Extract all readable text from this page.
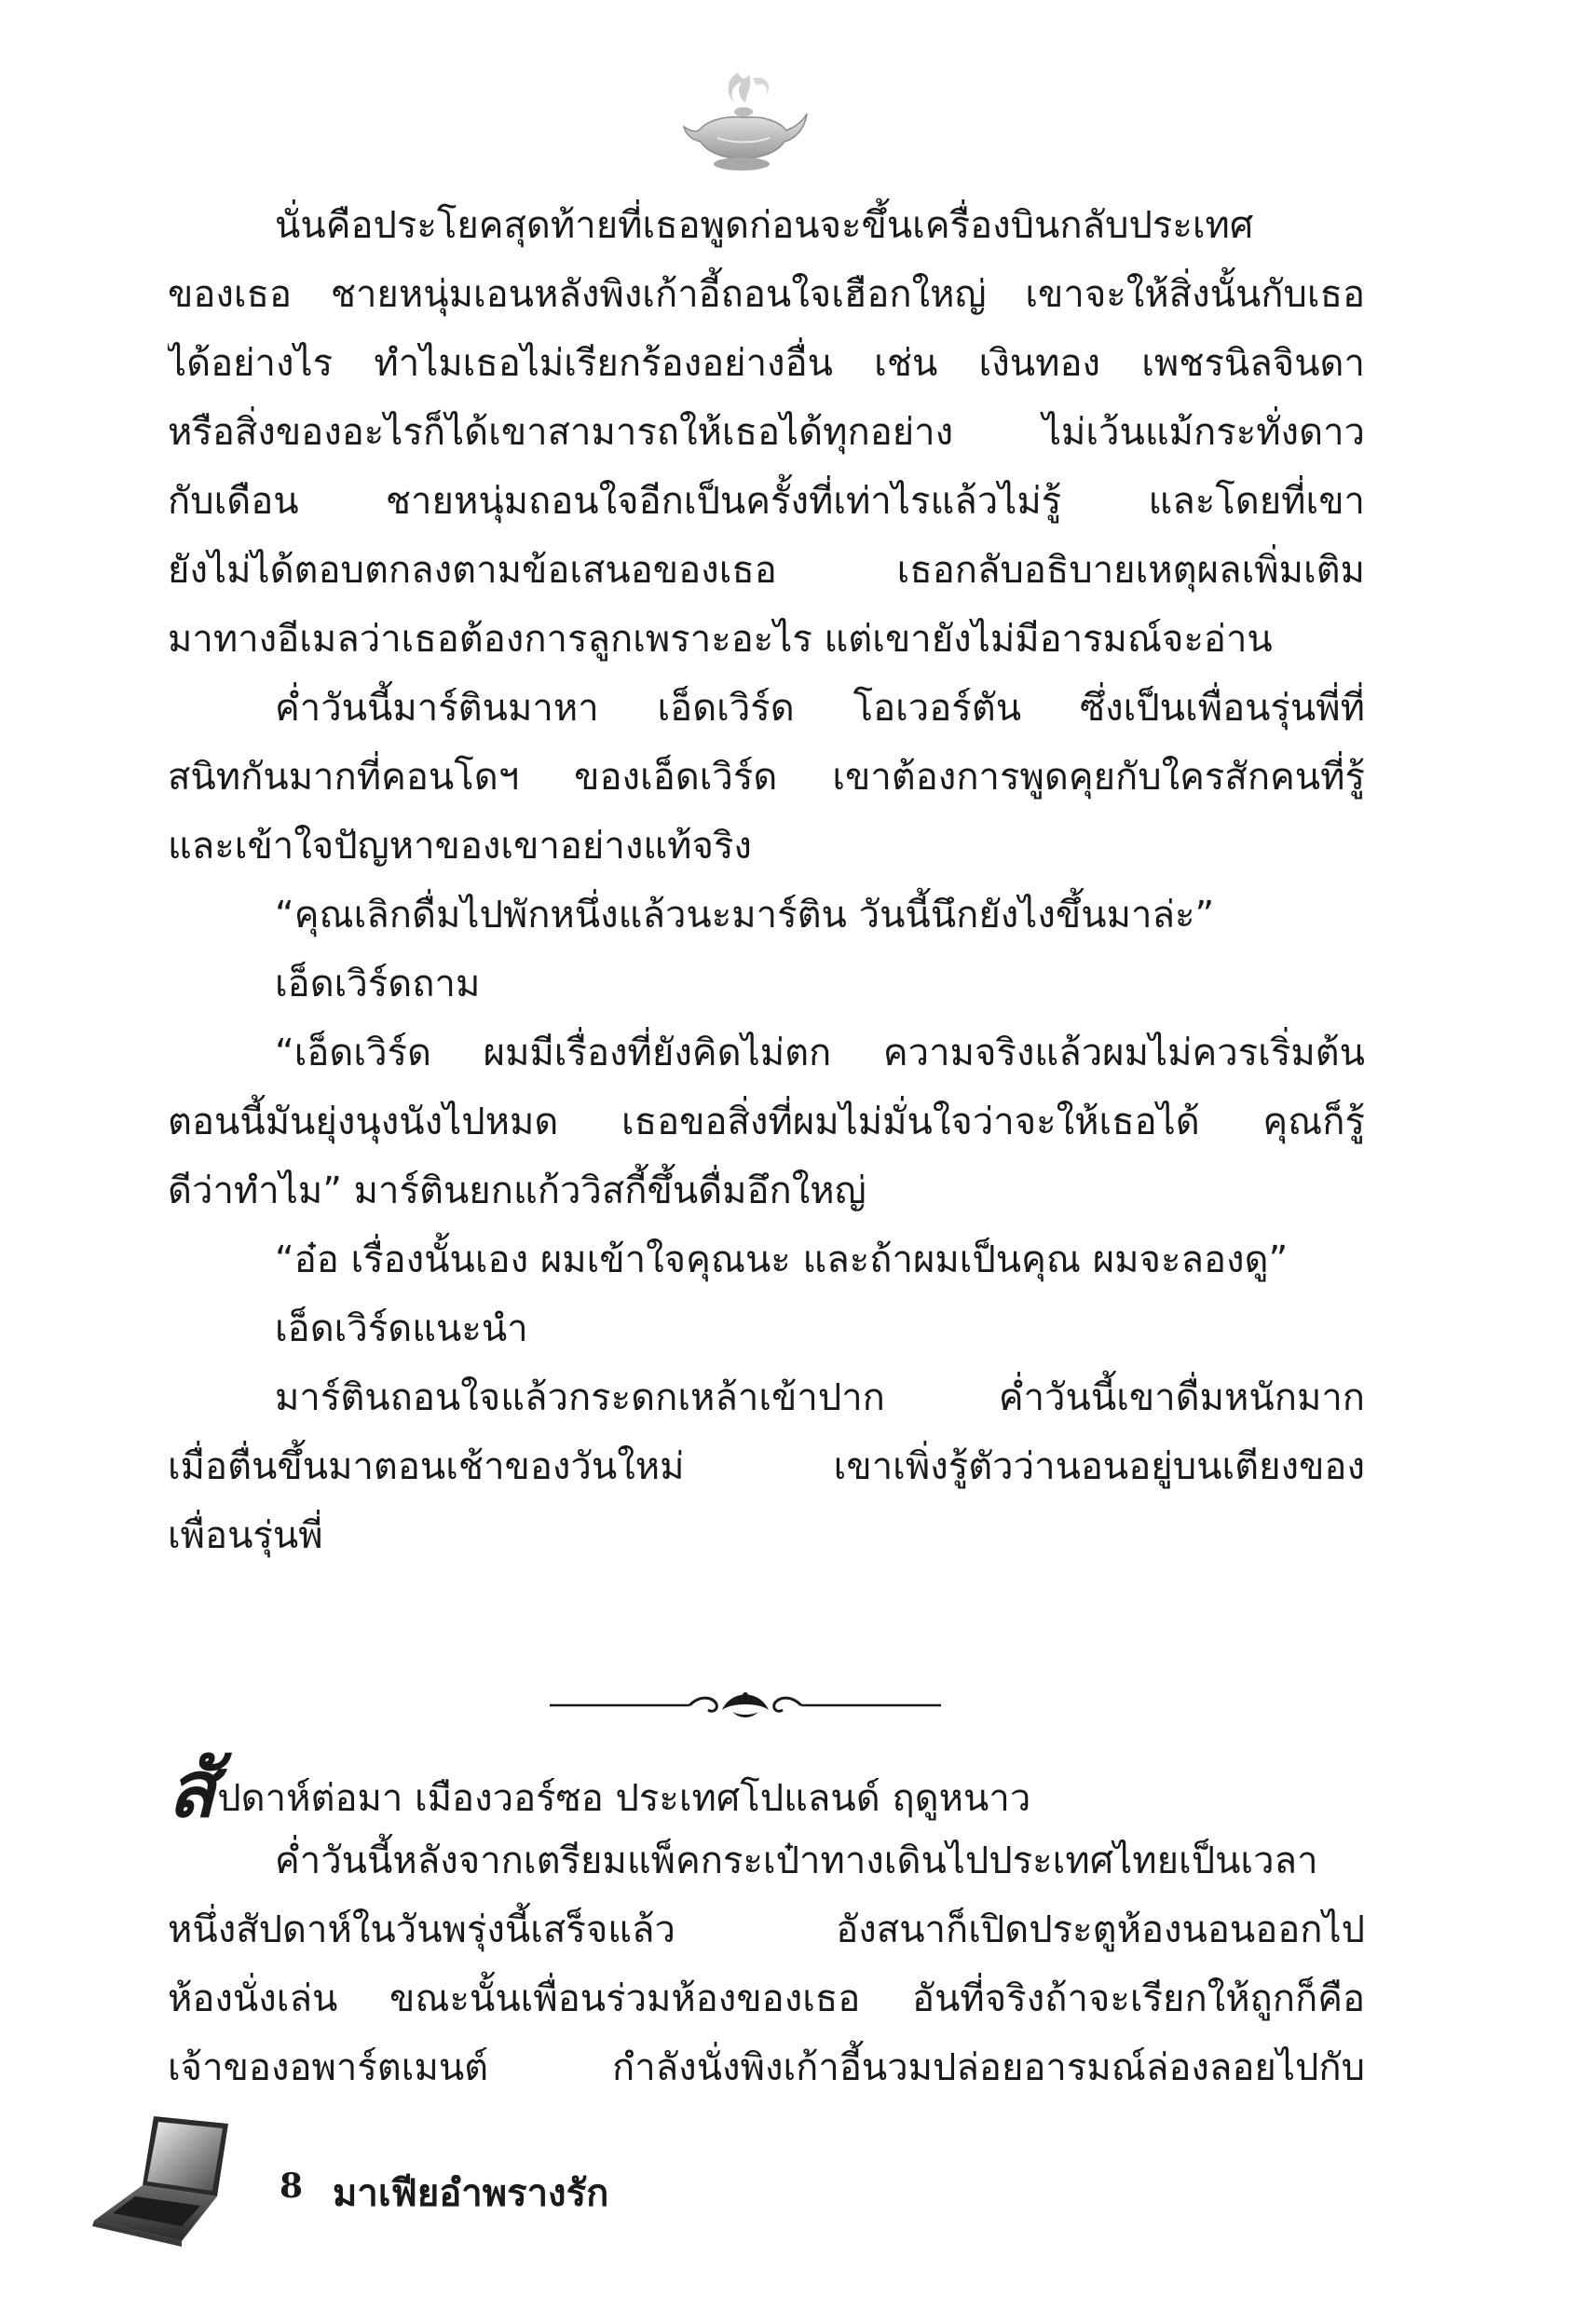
นั่นคือประโยคสุดท้ายที่เธอพูดก่อนจะขึ้นเครื่องบินกลับประเทศ
ของเธอ ชายหนุ่มเอนหลังพิงเก้าอี้ถอนใจเฮือกใหญ่ เขาจะให้สิ่งนั้นกับเธอ
ได้อย่างไร ทำไมเธอไม่เรียกร้องอย่างอื่น เช่น เงินทอง เพชรนิลจินดา
หรือสิ่งของอะไรก็ได้เขาสามารถให้เธอได้ทุกอย่าง ไม่เว้นแม้กระทั่งดาว
กับเดือน ชายหนุ่มถอนใจอีกเป็นครั้งที่เท่าไรแล้วไม่รู้ และโดยที่เขา
ยังไม่ได้ตอบตกลงตามข้อเสนอของเธอ เธอกลับอธิบายเหตุผลเพิ่มเติม
มาทางอีเมลว่าเธอต้องการลูกเพราะอะไร แต่เขายังไม่มีอารมณ์จะอ่าน
ค่ำวันนี้มาร์ตินมาหา เอ็ดเวิร์ด โอเวอร์ตัน ซึ่งเป็นเพื่อนรุ่นพี่ที่
สนิทกันมากที่คอนโดฯ ของเอ็ดเวิร์ด เขาต้องการพูดคุยกับใครสักคนที่รู้
และเข้าใจปัญหาของเขาอย่างแท้จริง
“คุณเลิกดื่มไปพักหนึ่งแล้วนะมาร์ติน วันนี้นึกยังไงขึ้นมาล่ะ”
เอ็ดเวิร์ดถาม
“เอ็ดเวิร์ด ผมมีเรื่องที่ยังคิดไม่ตก ความจริงแล้วผมไม่ควรเริ่มต้น
ตอนนี้มันยุ่งนุงนังไปหมด เธอขอสิ่งที่ผมไม่มั่นใจว่าจะให้เธอได้ คุณก็รู้
ดีว่าทำไม” มาร์ตินยกแก้ววิสกี้ขึ้นดื่มอึกใหญ่
“อ๋อ เรื่องนั้นเอง ผมเข้าใจคุณนะ และถ้าผมเป็นคุณ ผมจะลองดู”
เอ็ดเวิร์ดแนะนำ
มาร์ตินถอนใจแล้วกระดกเหล้าเข้าปาก ค่ำวันนี้เขาดื่มหนักมาก
เมื่อตื่นขึ้นมาตอนเช้าของวันใหม่ เขาเพิ่งรู้ตัวว่านอนอยู่บนเตียงของ
เพื่อนรุ่นพี่
สัปดาห์ต่อมา เมืองวอร์ซอ ประเทศโปแลนด์ ฤดูหนาว
ค่ำวันนี้หลังจากเตรียมแพ็คกระเป๋าทางเดินไปประเทศไทยเป็นเวลา
หนึ่งสัปดาห์ในวันพรุ่งนี้เสร็จแล้ว อังสนาก็เปิดประตูห้องนอนออกไป
ห้องนั่งเล่น ขณะนั้นเพื่อนร่วมห้องของเธอ อันที่จริงถ้าจะเรียกให้ถูกก็คือ
เจ้าของอพาร์ตเมนต์ กำลังนั่งพิงเก้าอี้นวมปล่อยอารมณ์ล่องลอยไปกับ
8 มาเฟียอำพรางรัก
